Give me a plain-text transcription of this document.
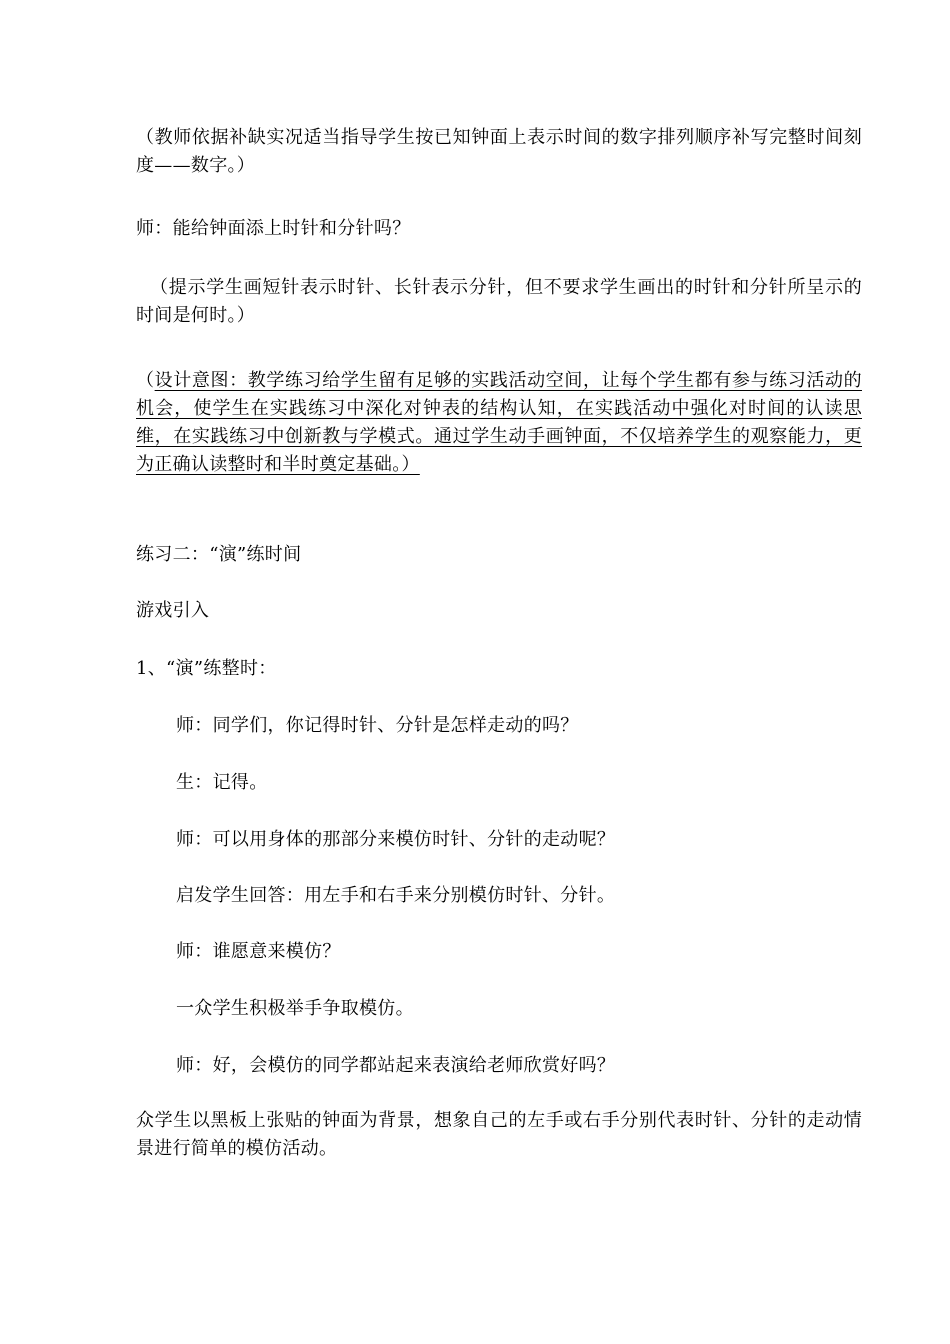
（教师依据补缺实况适当指导学生按已知钟面上表示时间的数字排列顺序补写完整时间刻度——数字。）

师：能给钟面添上时针和分针吗？

（提示学生画短针表示时针、长针表示分针，但不要求学生画出的时针和分针所呈示的时间是何时。）

（设计意图：教学练习给学生留有足够的实践活动空间，让每个学生都有参与练习活动的机会，使学生在实践练习中深化对钟表的结构认知，在实践活动中强化对时间的认读思维，在实践练习中创新教与学模式。通过学生动手画钟面，不仅培养学生的观察能力，更为正确认读整时和半时奠定基础。）

练习二：“演”练时间

游戏引入

1、“演”练整时：

师：同学们，你记得时针、分针是怎样走动的吗？

生：记得。

师：可以用身体的那部分来模仿时针、分针的走动呢？

启发学生回答：用左手和右手来分别模仿时针、分针。

师：谁愿意来模仿？

一众学生积极举手争取模仿。

师：好，会模仿的同学都站起来表演给老师欣赏好吗？

众学生以黑板上张贴的钟面为背景，想象自己的左手或右手分别代表时针、分针的走动情景进行简单的模仿活动。
